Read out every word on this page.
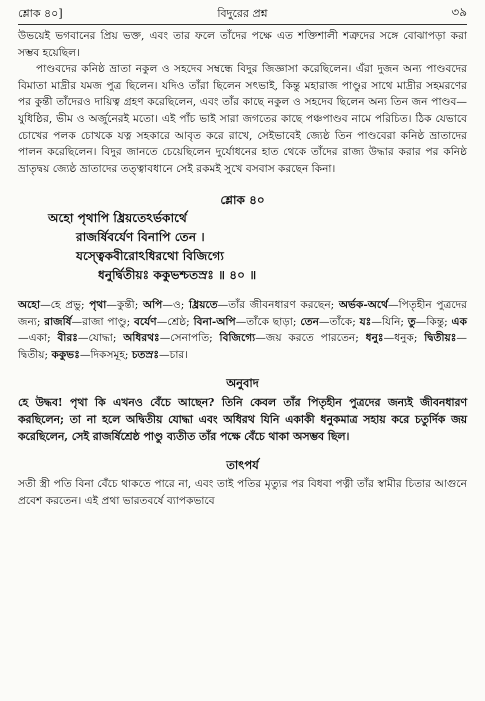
শ্লোক ৪০]	বিদুরের প্রশ্ন	৩৯

উভয়েই ভগবানের প্রিয় ভক্ত, এবং তার ফলে তাঁদের পক্ষে এত শক্তিশালী শত্রুদের সঙ্গে বোঝাপড়া করা সম্ভব হয়েছিল।

পাণ্ডবদের কনিষ্ঠ ভ্রাতা নকুল ও সহদেব সম্বন্ধে বিদুর জিজ্ঞাসা করেছিলেন। এঁরা দুজন অন্য পাণ্ডবদের বিমাতা মাদ্রীর যমজ পুত্র ছিলেন। যদিও তাঁরা ছিলেন সৎভাই, কিন্তু মহারাজ পাণ্ডুর সাথে মাদ্রীর সহমরণের পর কুন্তী তাঁদেরও দায়িত্ব গ্রহণ করেছিলেন, এবং তাঁর কাছে নকুল ও সহদেব ছিলেন অন্য তিন জন পাণ্ডব—যুধিষ্ঠির, ভীম ও অর্জুনেরই মতো। এই পাঁচ ভাই সারা জগতের কাছে পঞ্চপাণ্ডব নামে পরিচিত। ঠিক যেভাবে চোখের পলক চোখকে যত্ন সহকারে আবৃত করে রাখে, সেইভাবেই জ্যেষ্ঠ তিন পাণ্ডবেরা কনিষ্ঠ ভ্রাতাদের পালন করেছিলেন। বিদুর জানতে চেয়েছিলেন দুর্যোধনের হাত থেকে তাঁদের রাজ্য উদ্ধার করার পর কনিষ্ঠ ভ্রাতৃদ্বয় জ্যেষ্ঠ ভ্রাতাদের তত্ত্বাবধানে সেই রকমই সুখে বসবাস করছেন কিনা।

শ্লোক ৪০
অহো পৃথাপি ধ্রিয়তেঽর্ভকার্থে
রাজর্ষিবর্যেণ বিনাপি তেন ।
যস্ত্বেকবীরোঽধিরথো বিজিগ্যে
ধনুর্দ্বিতীয়ঃ ককুভশ্চতস্রঃ ॥ ৪০ ॥
অহো—হে প্রভু; পৃথা—কুন্তী; অপি—ও; ধ্রিয়তে—তাঁর জীবনধারণ করছেন; অর্ভক-অর্থে—পিতৃহীন পুত্রদের জন্য; রাজর্ষি—রাজা পাণ্ডু; বর্যেণ—শ্রেষ্ঠ; বিনা-অপি—তাঁকে ছাড়া; তেন—তাঁকে; যঃ—যিনি; তু—কিন্তু; এক—একা; বীরঃ—যোদ্ধা; অধিরথঃ—সেনাপতি; বিজিগ্যে—জয় করতে পারতেন; ধনুঃ—ধনুক; দ্বিতীয়ঃ—দ্বিতীয়; ককুভঃ—দিকসমূহ; চতস্রঃ—চার।
অনুবাদ
হে উদ্ধব! পৃথা কি এখনও বেঁচে আছেন? তিনি কেবল তাঁর পিতৃহীন পুত্রদের জন্যই জীবনধারণ করছিলেন; তা না হলে অদ্বিতীয় যোদ্ধা এবং অধিরথ যিনি একাকী ধনুকমাত্র সহায় করে চতুর্দিক জয় করেছিলেন, সেই রাজর্ষিশ্রেষ্ঠ পাণ্ডু ব্যতীত তাঁর পক্ষে বেঁচে থাকা অসম্ভব ছিল।
তাৎপর্য
সতী স্ত্রী পতি বিনা বেঁচে থাকতে পারে না, এবং তাই পতির মৃত্যুর পর বিধবা পত্নী তাঁর স্বামীর চিতার আগুনে প্রবেশ করতেন। এই প্রথা ভারতবর্ষে ব্যাপকভাবে
